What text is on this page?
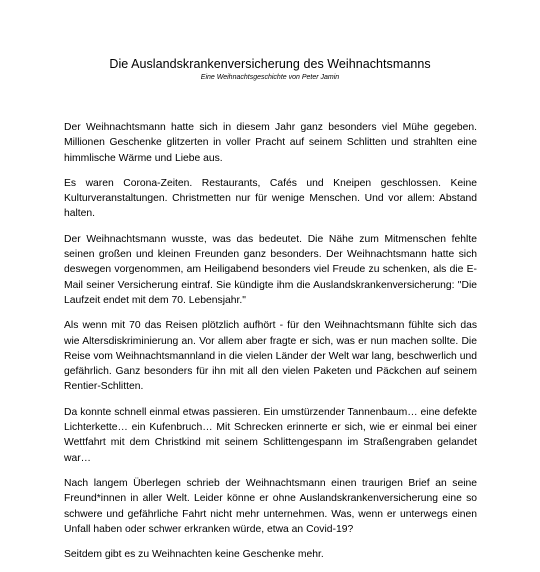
Die Auslandskrankenversicherung des Weihnachtsmanns
Eine Weihnachtsgeschichte von Peter Jamin

Der Weihnachtsmann hatte sich in diesem Jahr ganz besonders viel Mühe gegeben. Millionen Geschenke glitzerten in voller Pracht auf seinem Schlitten und strahlten eine himmlische Wärme und Liebe aus.

Es waren Corona-Zeiten. Restaurants, Cafés und Kneipen geschlossen. Keine Kulturveranstaltungen. Christmetten nur für wenige Menschen. Und vor allem: Abstand halten.

Der Weihnachtsmann wusste, was das bedeutet. Die Nähe zum Mitmenschen fehlte seinen großen und kleinen Freunden ganz besonders. Der Weihnachtsmann hatte sich deswegen vorgenommen, am Heiligabend besonders viel Freude zu schenken, als die E-Mail seiner Versicherung eintraf. Sie kündigte ihm die Auslandskrankenversicherung: "Die Laufzeit endet mit dem 70. Lebensjahr."

Als wenn mit 70 das Reisen plötzlich aufhört - für den Weihnachtsmann fühlte sich das wie Altersdiskriminierung an. Vor allem aber fragte er sich, was er nun machen sollte. Die Reise vom Weihnachtsmannland in die vielen Länder der Welt war lang, beschwerlich und gefährlich. Ganz besonders für ihn mit all den vielen Paketen und Päckchen auf seinem Rentier-Schlitten.

Da konnte schnell einmal etwas passieren. Ein umstürzender Tannenbaum… eine defekte Lichterkette… ein Kufenbruch… Mit Schrecken erinnerte er sich, wie er einmal bei einer Wettfahrt mit dem Christkind mit seinem Schlittengespann im Straßengraben gelandet war…

Nach langem Überlegen schrieb der Weihnachtsmann einen traurigen Brief an seine Freund*innen in aller Welt. Leider könne er ohne Auslandskrankenversicherung eine so schwere und gefährliche Fahrt nicht mehr unternehmen. Was, wenn er unterwegs einen Unfall haben oder schwer erkranken würde, etwa an Covid-19?

Seitdem gibt es zu Weihnachten keine Geschenke mehr.
